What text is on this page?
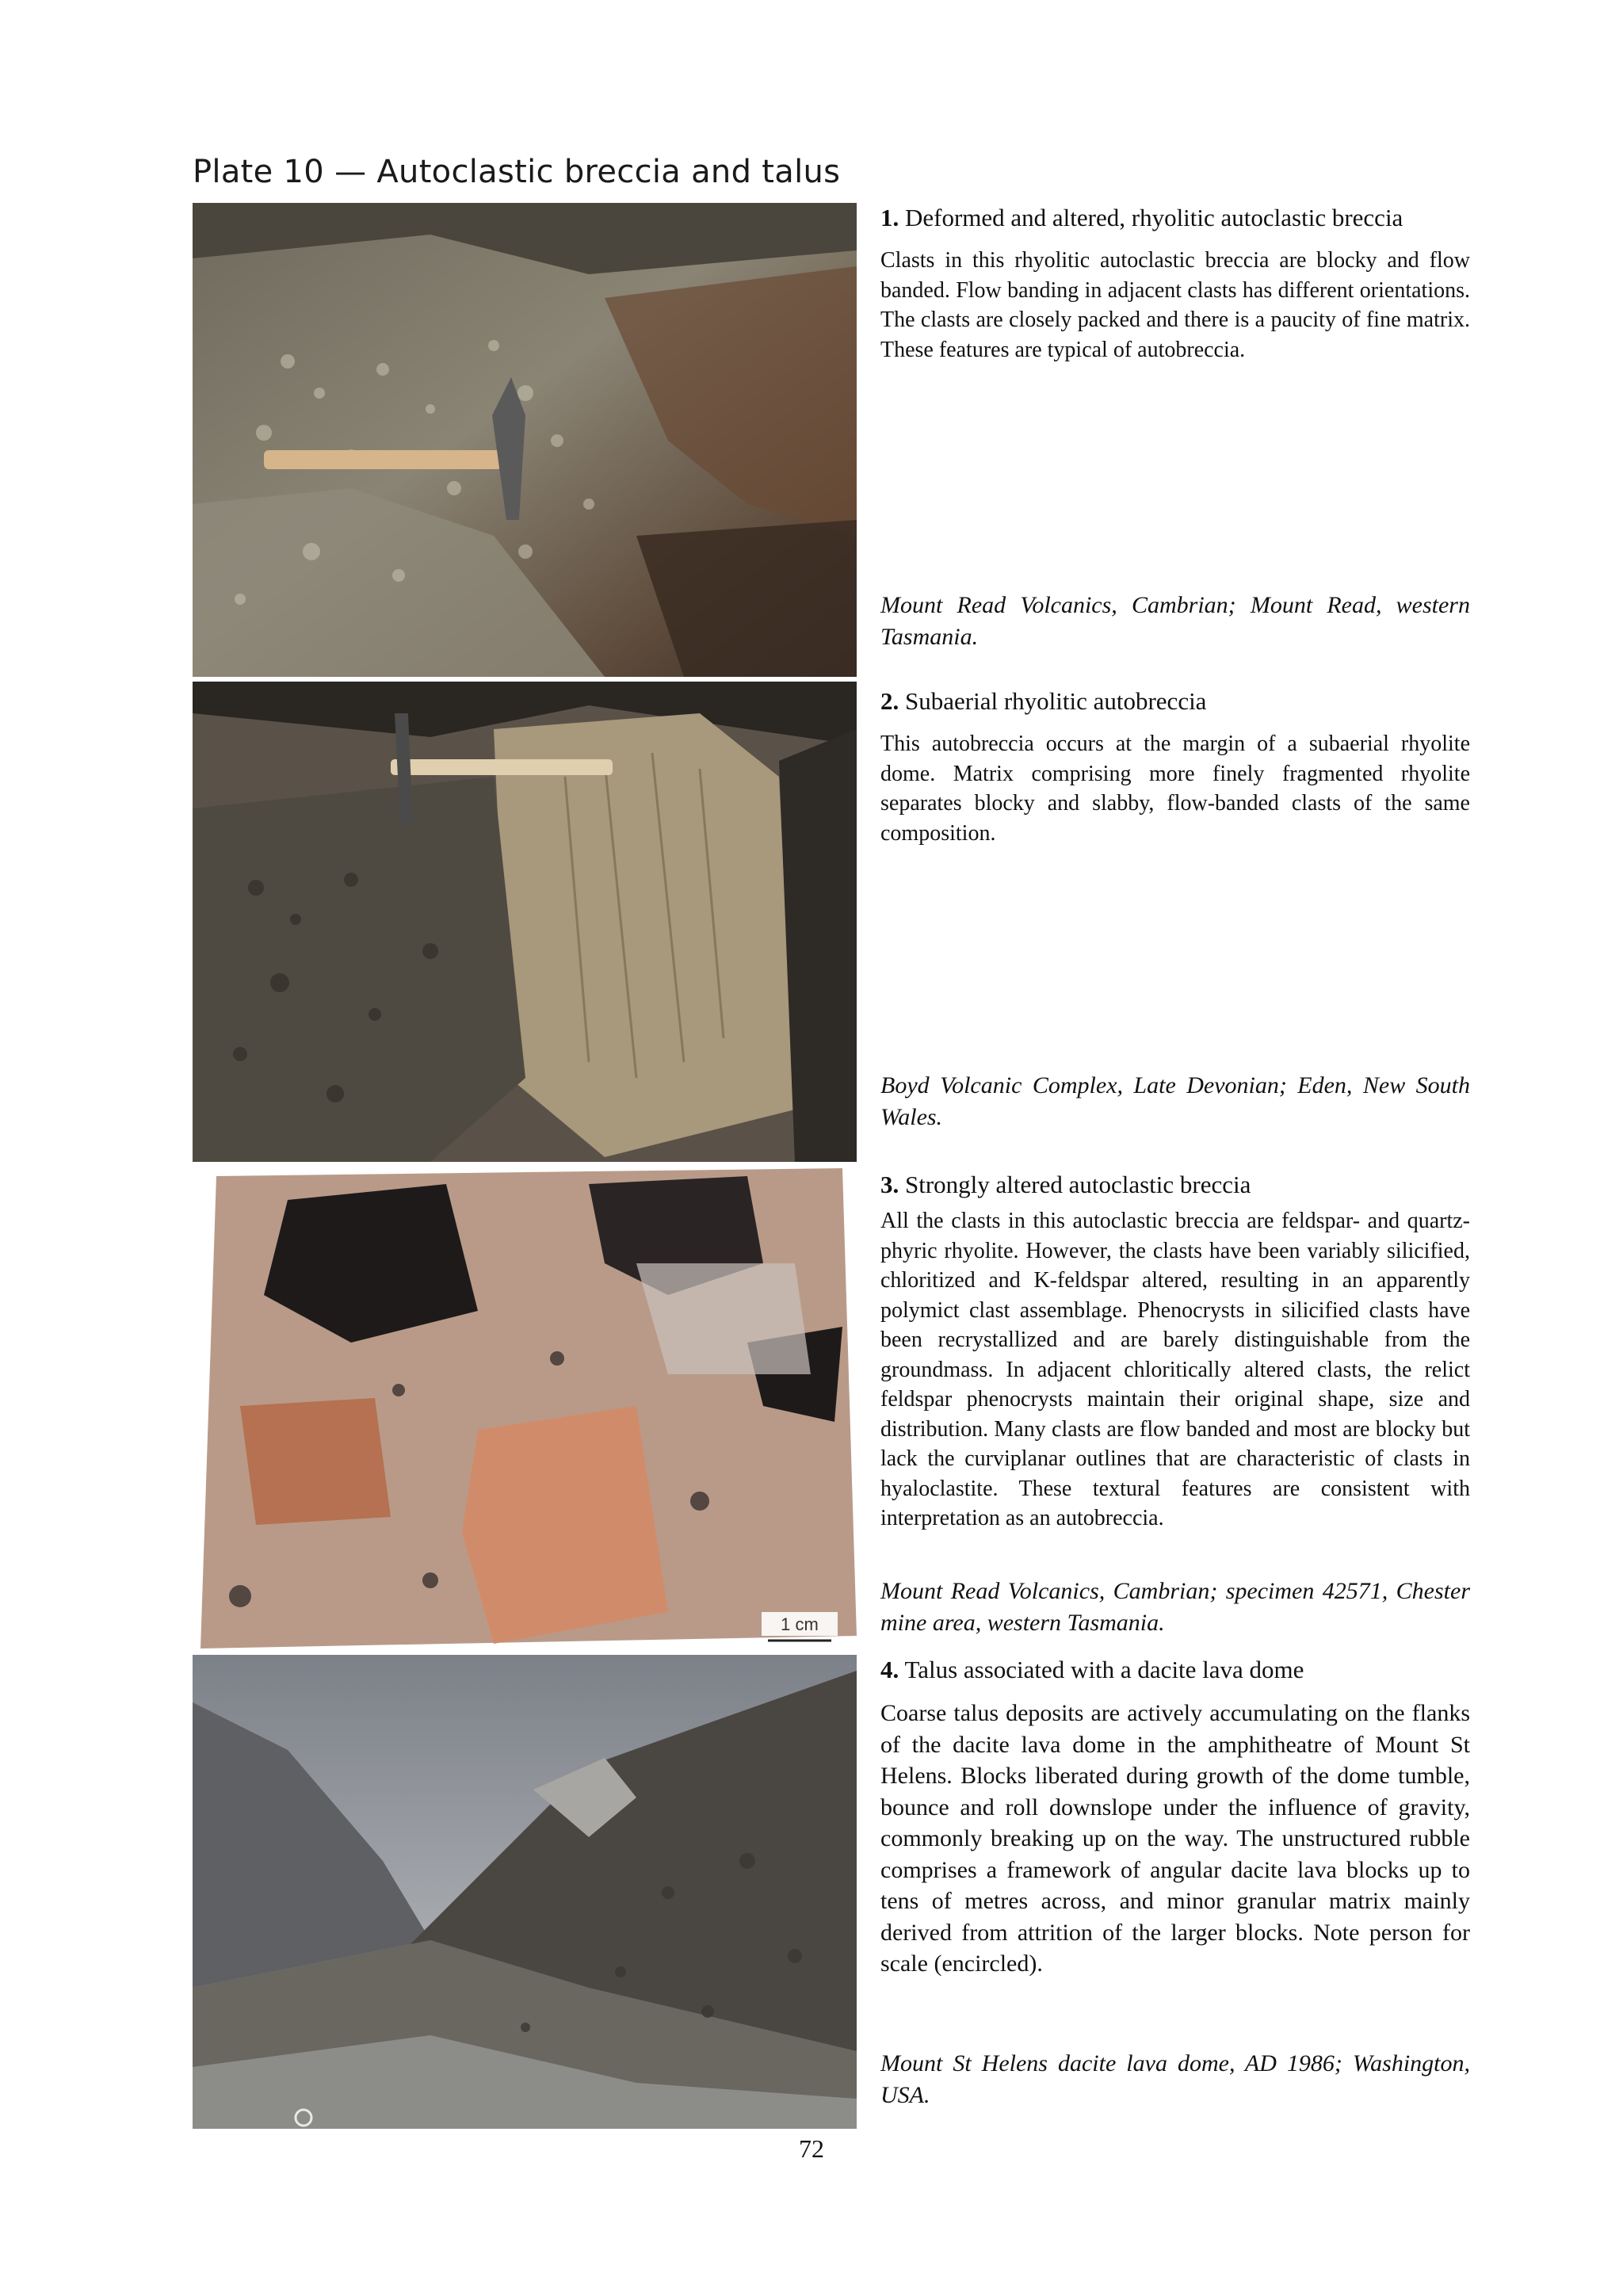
Plate 10 — Autoclastic breccia and talus
1 cm
1. Deformed and altered, rhyolitic autoclastic breccia

Clasts in this rhyolitic autoclastic breccia are blocky and flow banded. Flow banding in adjacent clasts has different orientations. The clasts are closely packed and there is a paucity of fine matrix. These features are typical of autobreccia.

Mount Read Volcanics, Cambrian; Mount Read, western Tasmania.

2. Subaerial rhyolitic autobreccia

This autobreccia occurs at the margin of a subaerial rhyolite dome. Matrix comprising more finely fragmented rhyolite separates blocky and slabby, flow-banded clasts of the same composition.

Boyd Volcanic Complex, Late Devonian; Eden, New South Wales.

3. Strongly altered autoclastic breccia

All the clasts in this autoclastic breccia are feldspar- and quartz-phyric rhyolite. However, the clasts have been variably silicified, chloritized and K-feldspar altered, resulting in an apparently polymict clast assemblage. Phenocrysts in silicified clasts have been recrystallized and are barely distinguishable from the groundmass. In adjacent chloritically altered clasts, the relict feldspar phenocrysts maintain their original shape, size and distribution. Many clasts are flow banded and most are blocky but lack the curviplanar outlines that are characteristic of clasts in hyaloclastite. These textural features are consistent with interpretation as an autobreccia.

Mount Read Volcanics, Cambrian; specimen 42571, Chester mine area, western Tasmania.

4. Talus associated with a dacite lava dome

Coarse talus deposits are actively accumulating on the flanks of the dacite lava dome in the amphitheatre of Mount St Helens. Blocks liberated during growth of the dome tumble, bounce and roll downslope under the influence of gravity, commonly breaking up on the way. The unstructured rubble comprises a framework of angular dacite lava blocks up to tens of metres across, and minor granular matrix mainly derived from attrition of the larger blocks. Note person for scale (encircled).

Mount St Helens dacite lava dome, AD 1986; Washington, USA.

72
